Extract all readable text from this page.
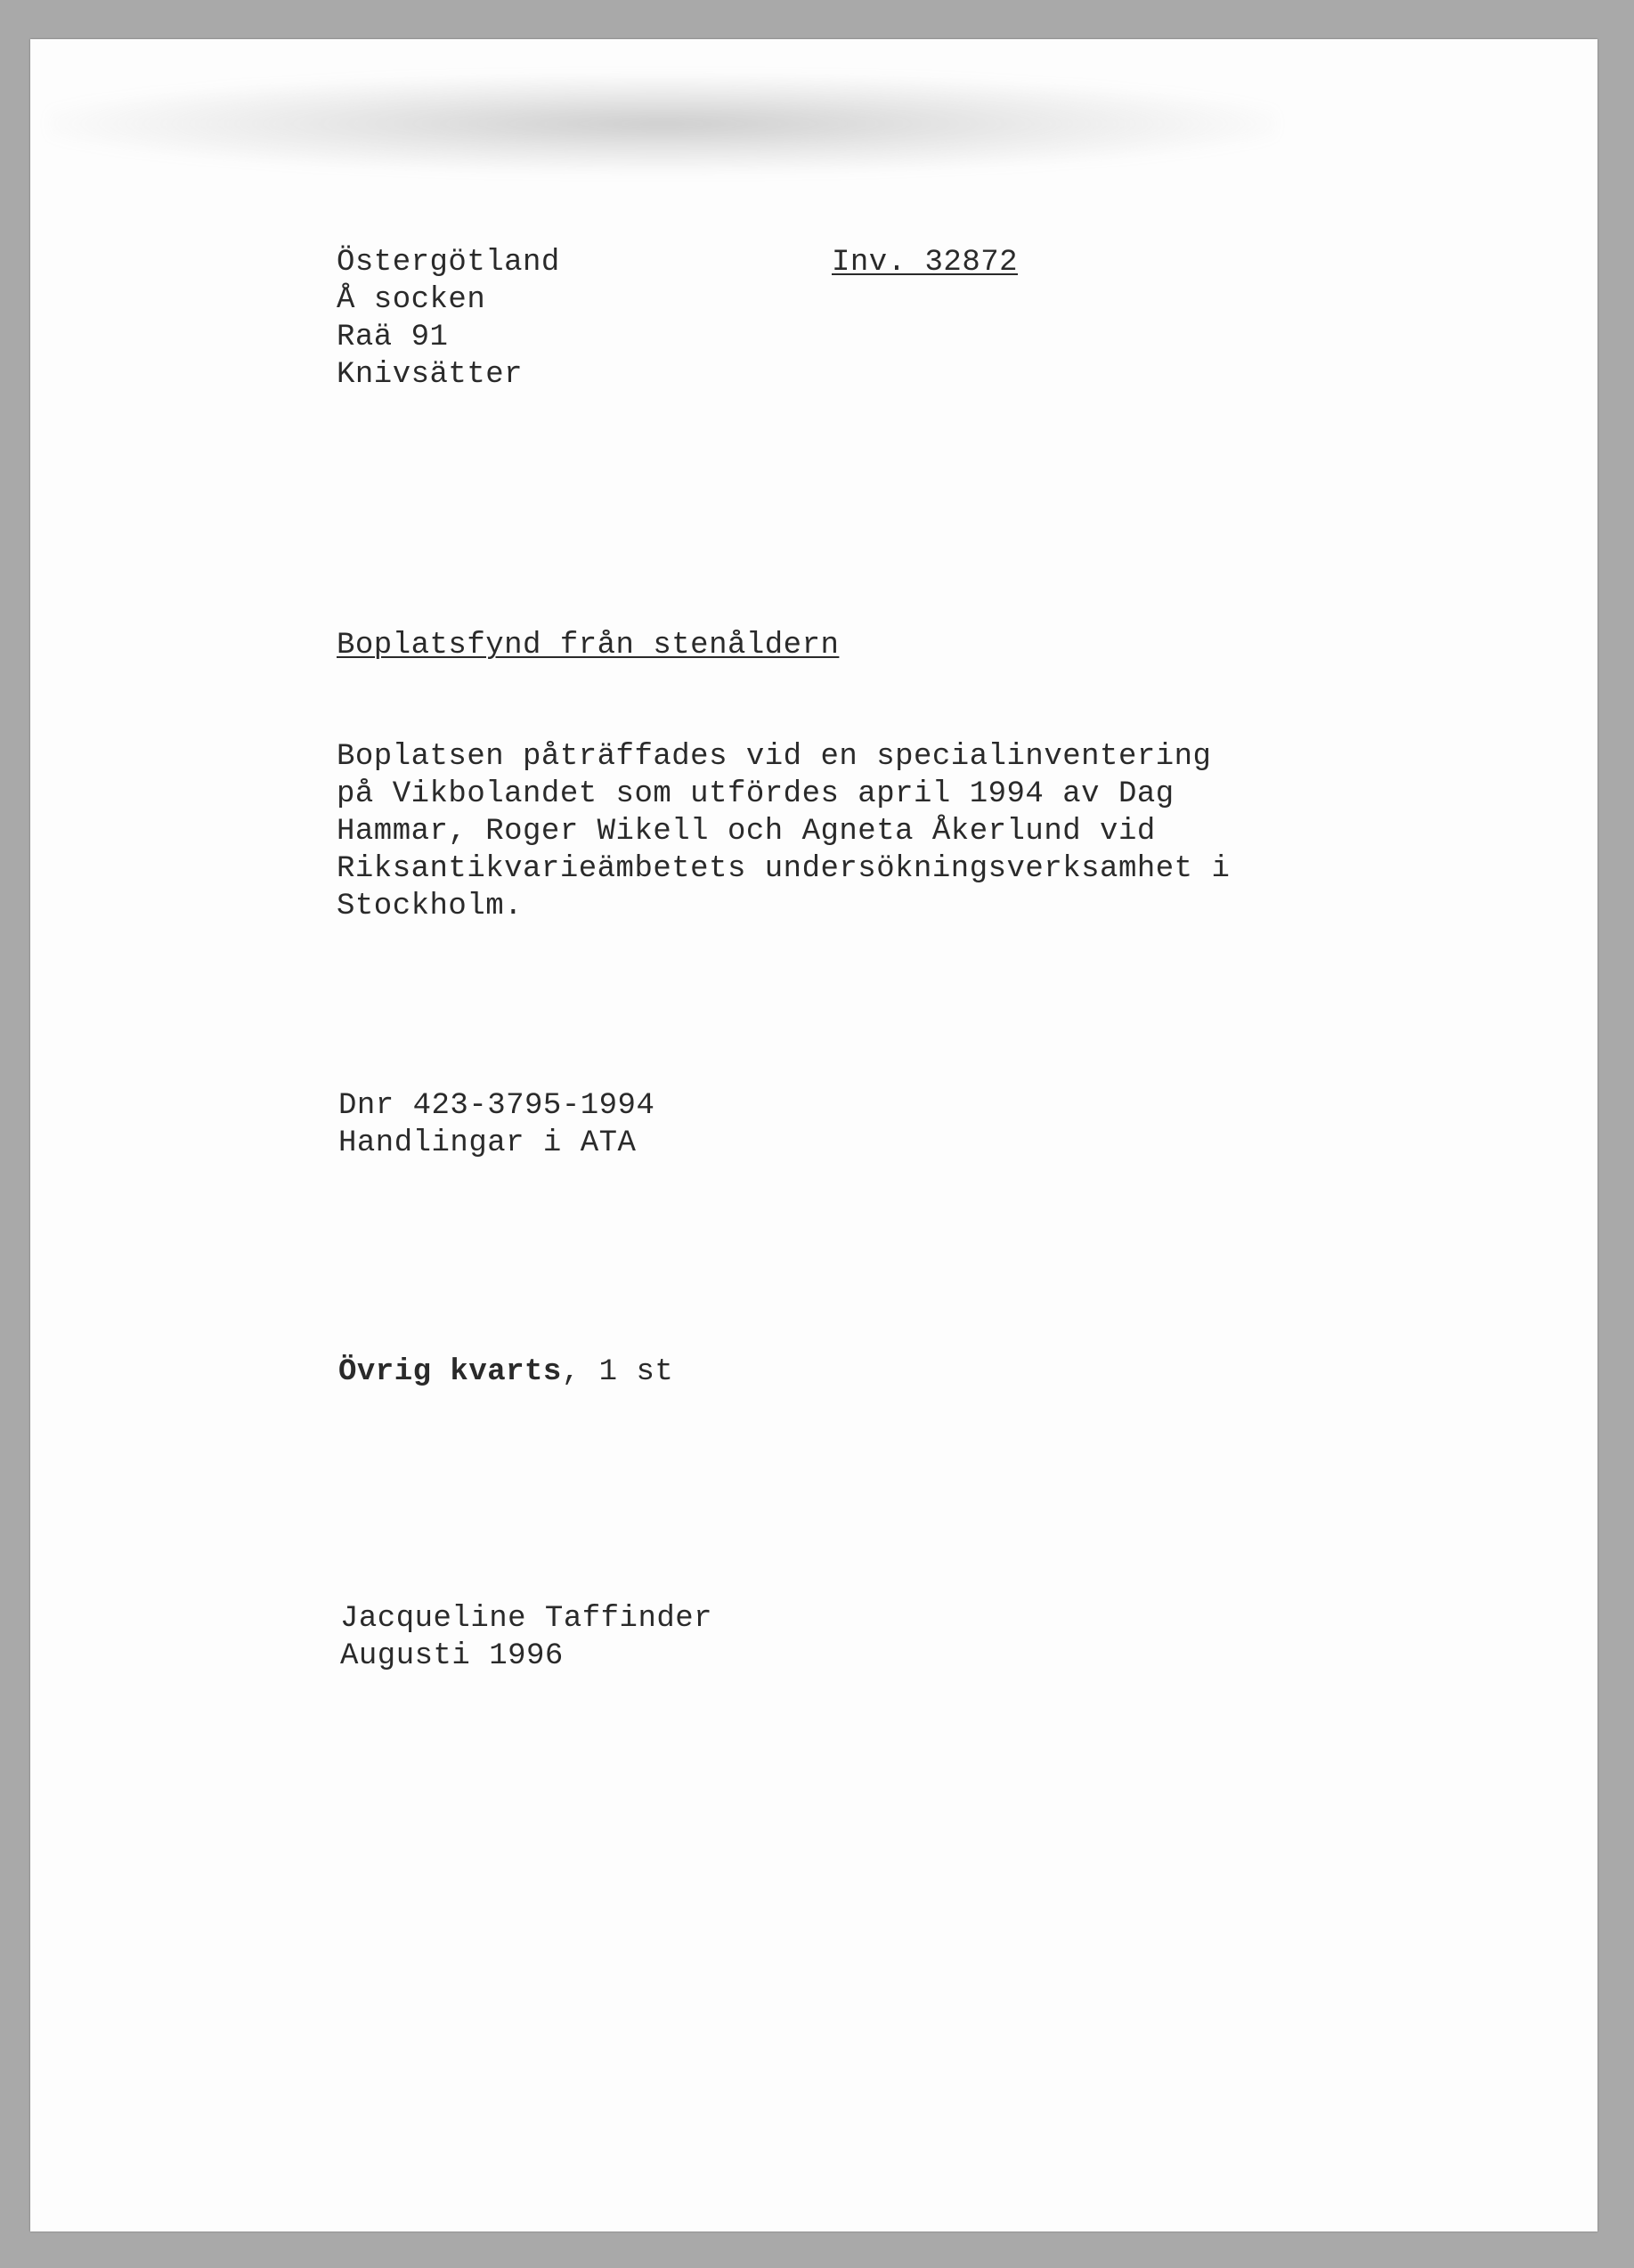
Östergötland
Å socken
Raä 91
Knivsätter
Inv. 32872
Boplatsfynd från stenåldern
Boplatsen påträffades vid en specialinventering
på Vikbolandet som utfördes april 1994 av Dag
Hammar, Roger Wikell och Agneta Åkerlund vid
Riksantikvarieämbetets undersökningsverksamhet i
Stockholm.
Dnr 423-3795-1994
Handlingar i ATA
Övrig kvarts, 1 st
Jacqueline Taffinder
Augusti 1996
